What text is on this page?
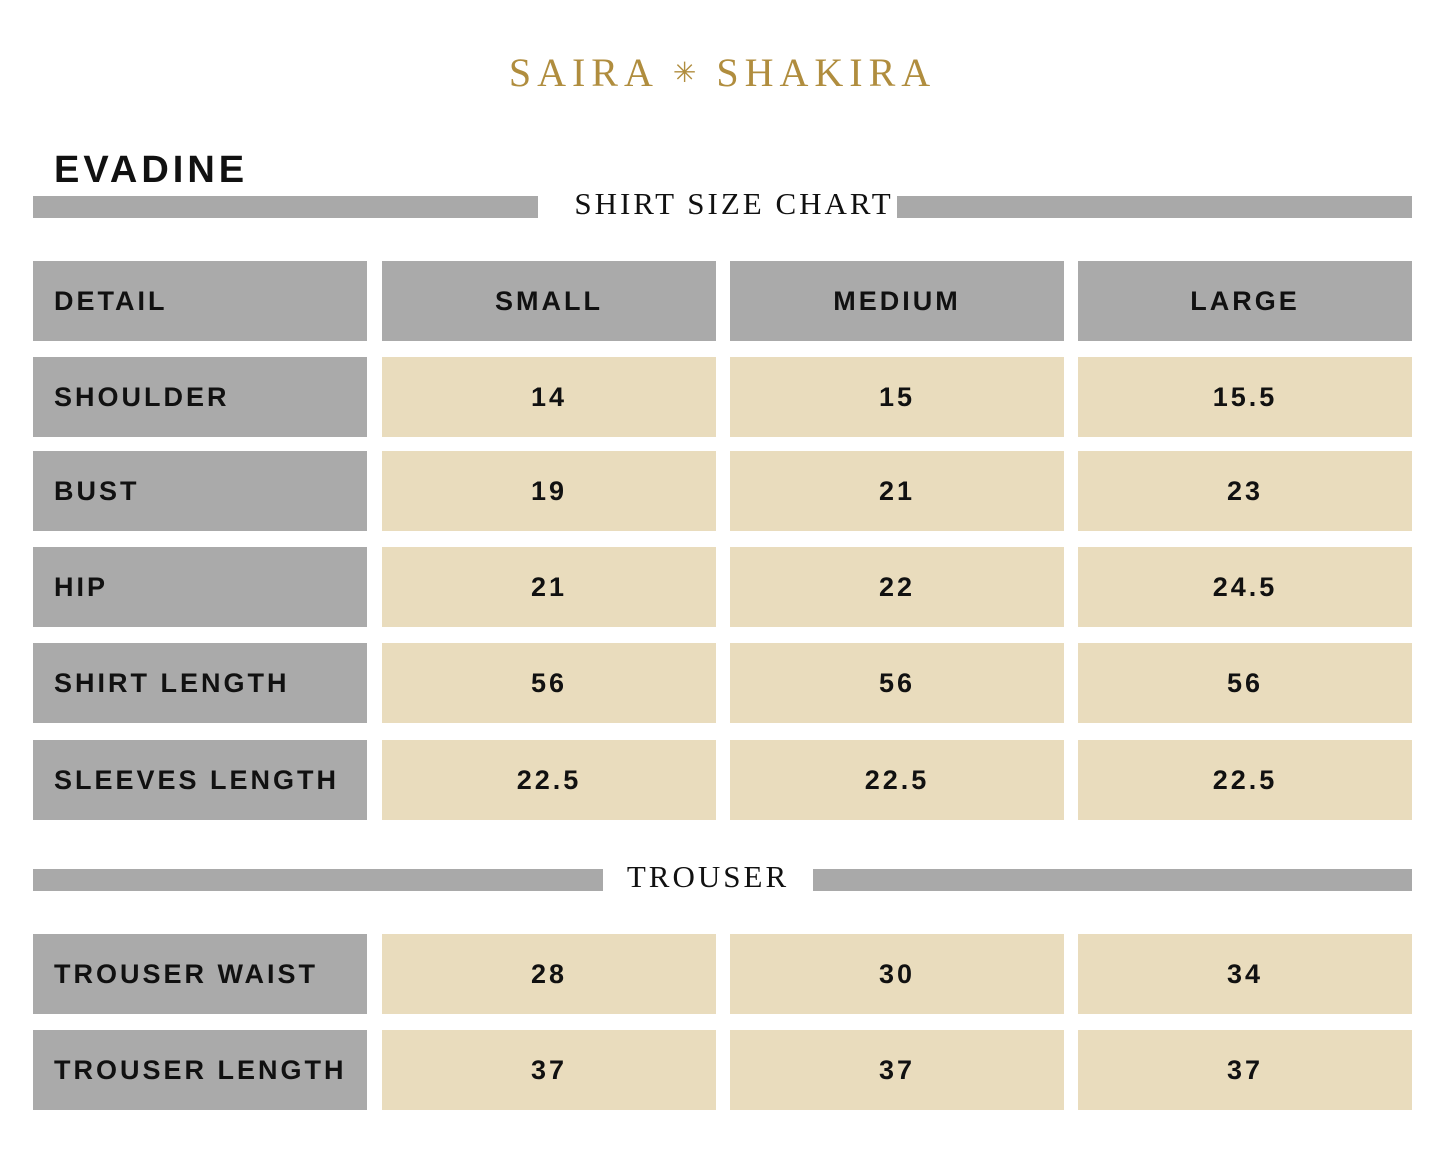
SAIRA ✳ SHAKIRA
EVADINE
SHIRT SIZE CHART
DETAIL	SMALL	MEDIUM	LARGE
SHOULDER	14	15	15.5
BUST	19	21	23
HIP	21	22	24.5
SHIRT LENGTH	56	56	56
SLEEVES LENGTH	22.5	22.5	22.5
TROUSER
TROUSER WAIST	28	30	34
TROUSER LENGTH	37	37	37
